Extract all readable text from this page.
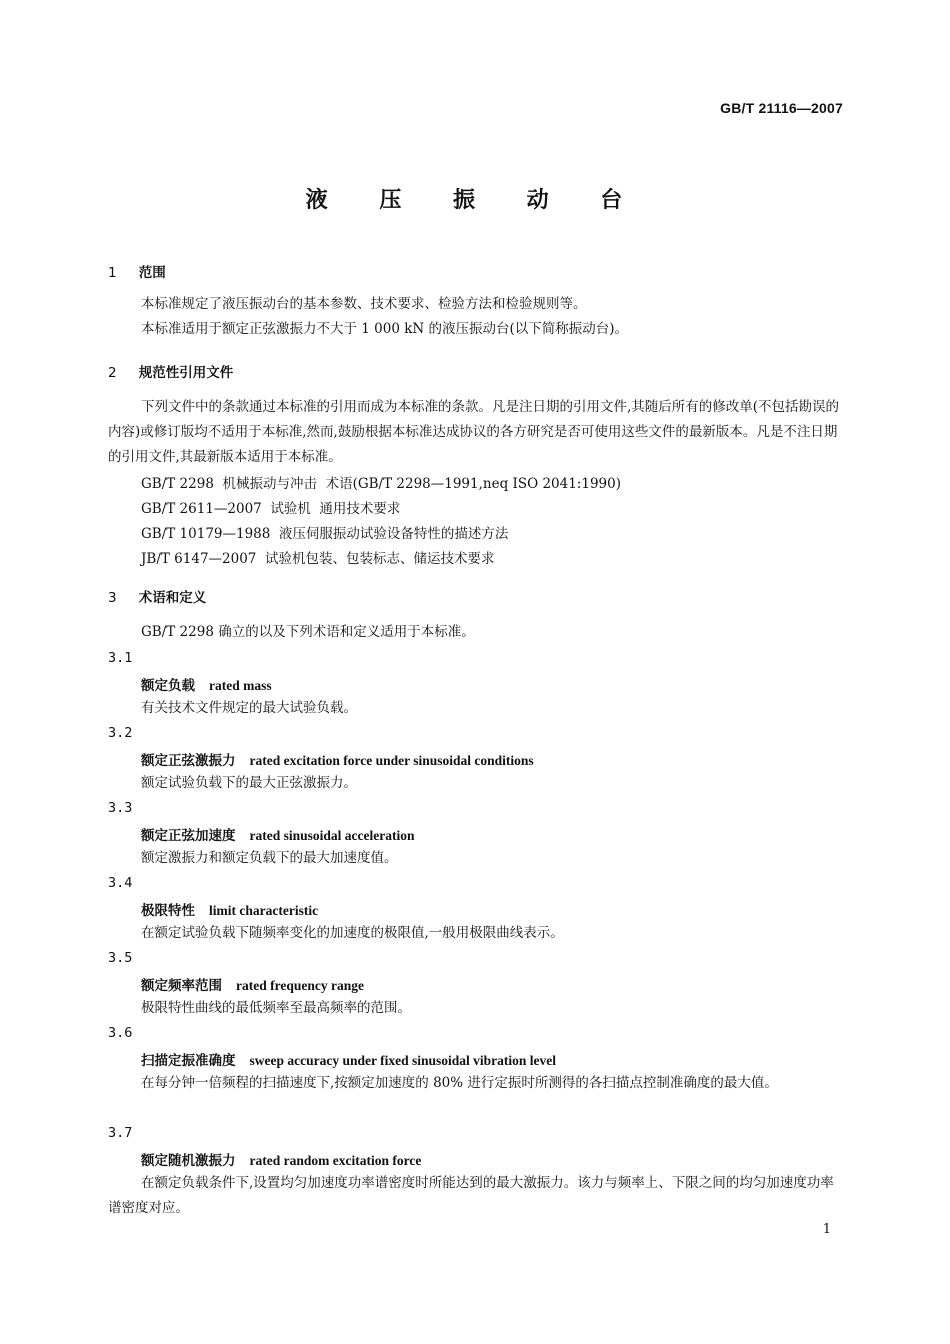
GB/T 21116—2007
液 压 振 动 台
1 范围
本标准规定了液压振动台的基本参数、技术要求、检验方法和检验规则等。
本标准适用于额定正弦激振力不大于 1 000 kN 的液压振动台(以下简称振动台)。
2 规范性引用文件
下列文件中的条款通过本标准的引用而成为本标准的条款。凡是注日期的引用文件,其随后所有的修改单(不包括勘误的内容)或修订版均不适用于本标准,然而,鼓励根据本标准达成协议的各方研究是否可使用这些文件的最新版本。凡是不注日期的引用文件,其最新版本适用于本标准。
GB/T 2298  机械振动与冲击  术语(GB/T 2298—1991,neq ISO 2041:1990)
GB/T 2611—2007  试验机  通用技术要求
GB/T 10179—1988  液压伺服振动试验设备特性的描述方法
JB/T 6147—2007  试验机包装、包装标志、储运技术要求
3 术语和定义
GB/T 2298 确立的以及下列术语和定义适用于本标准。
3.1
额定负载 rated mass
有关技术文件规定的最大试验负载。
3.2
额定正弦激振力 rated excitation force under sinusoidal conditions
额定试验负载下的最大正弦激振力。
3.3
额定正弦加速度 rated sinusoidal acceleration
额定激振力和额定负载下的最大加速度值。
3.4
极限特性 limit characteristic
在额定试验负载下随频率变化的加速度的极限值,一般用极限曲线表示。
3.5
额定频率范围 rated frequency range
极限特性曲线的最低频率至最高频率的范围。
3.6
扫描定振准确度 sweep accuracy under fixed sinusoidal vibration level
在每分钟一倍频程的扫描速度下,按额定加速度的 80% 进行定振时所测得的各扫描点控制准确度的最大值。
3.7
额定随机激振力 rated random excitation force
在额定负载条件下,设置均匀加速度功率谱密度时所能达到的最大激振力。该力与频率上、下限之间的均匀加速度功率谱密度对应。
1
